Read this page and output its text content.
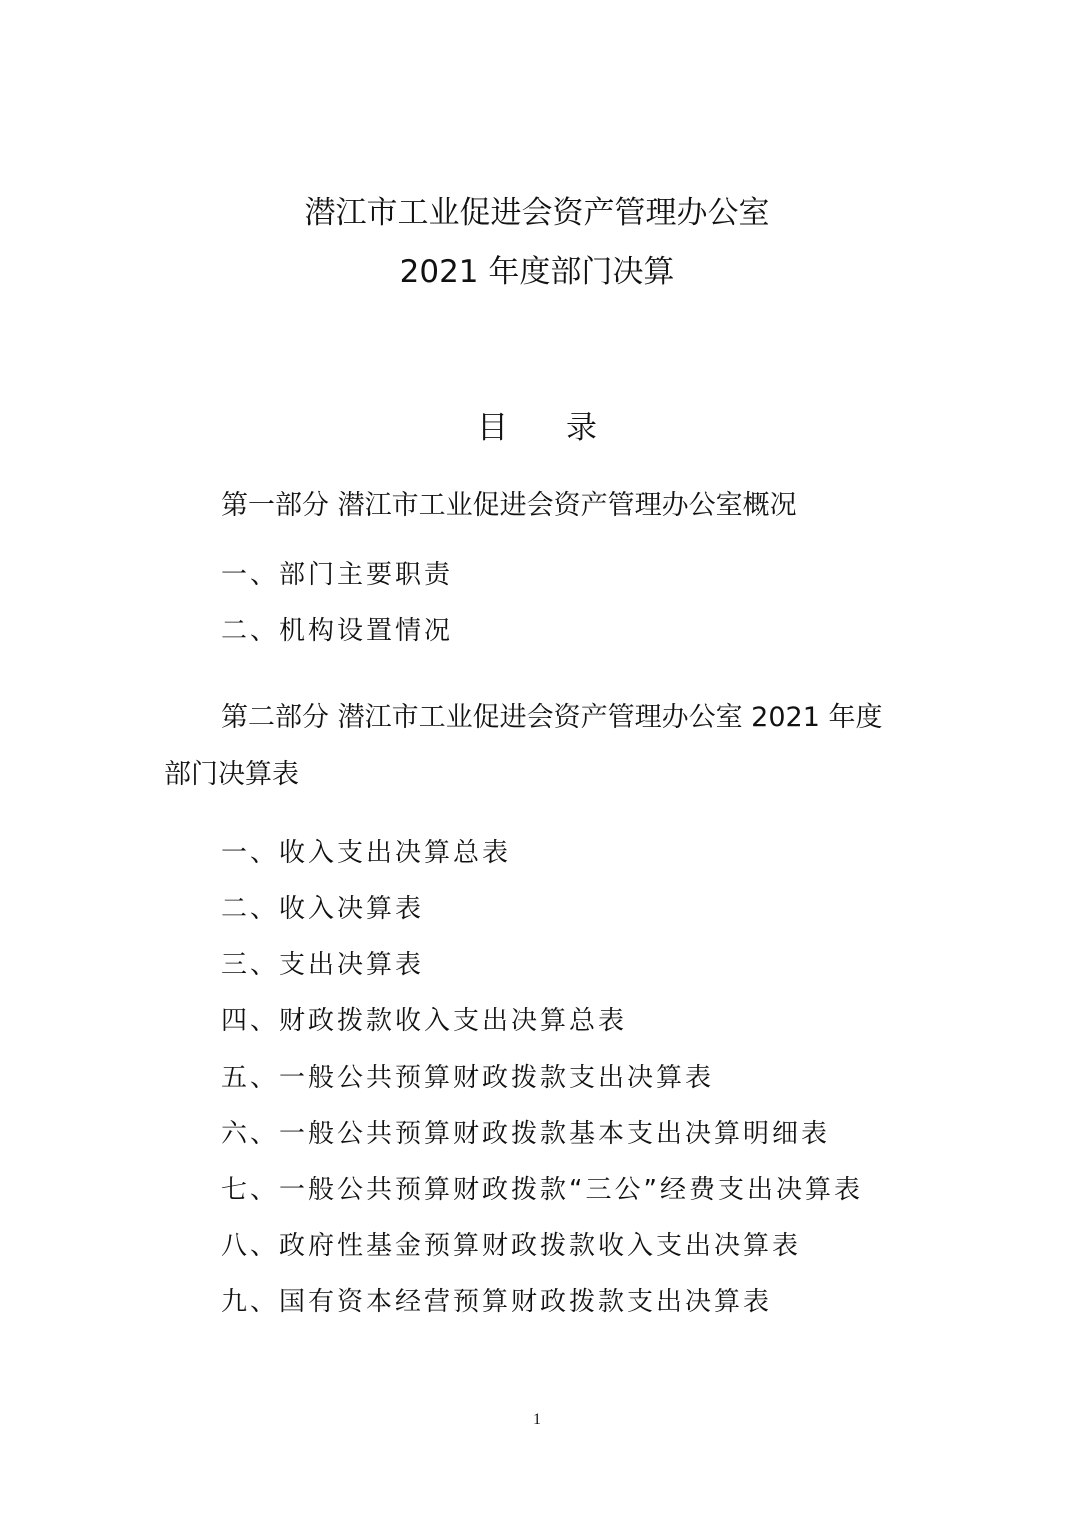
潜江市工业促进会资产管理办公室
2021 年度部门决算
目录
第一部分 潜江市工业促进会资产管理办公室概况
一、部门主要职责
二、机构设置情况
第二部分 潜江市工业促进会资产管理办公室 2021 年度
部门决算表
一、收入支出决算总表
二、收入决算表
三、支出决算表
四、财政拨款收入支出决算总表
五、一般公共预算财政拨款支出决算表
六、一般公共预算财政拨款基本支出决算明细表
七、一般公共预算财政拨款“三公”经费支出决算表
八、政府性基金预算财政拨款收入支出决算表
九、国有资本经营预算财政拨款支出决算表
1
